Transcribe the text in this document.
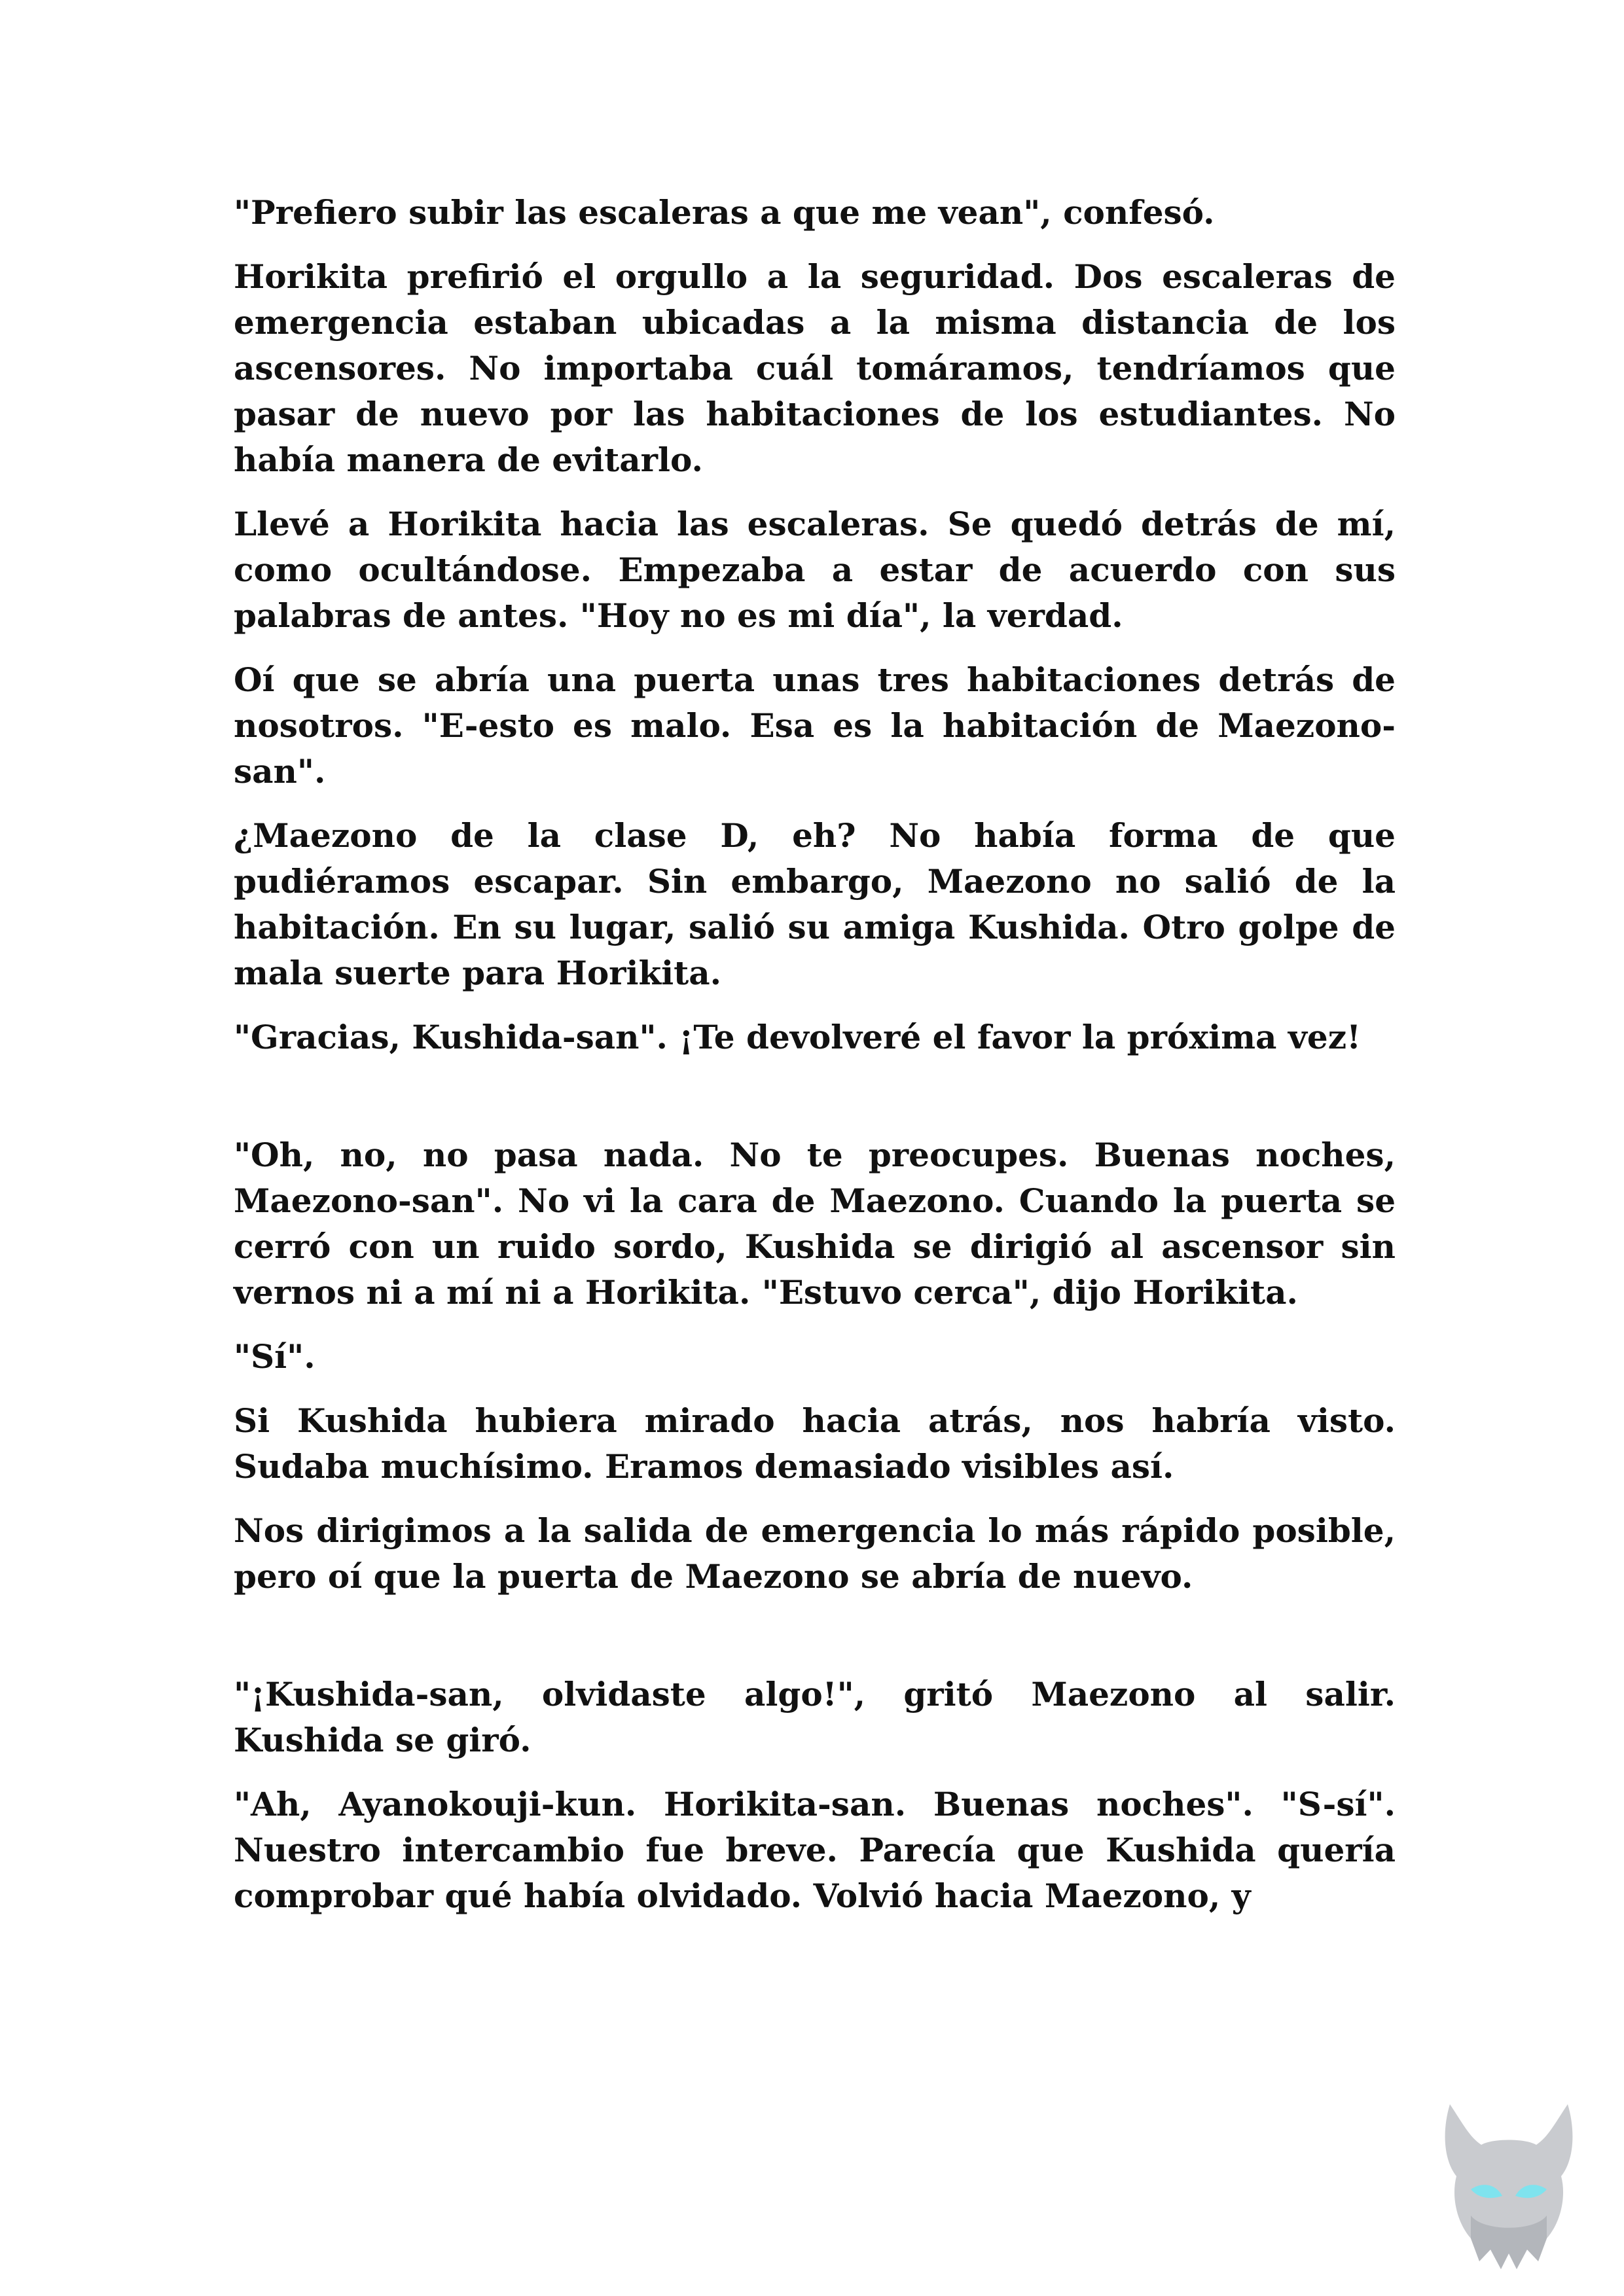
"Prefiero subir las escaleras a que me vean", confesó.

Horikita prefirió el orgullo a la seguridad. Dos escaleras de emergencia estaban ubicadas a la misma distancia de los ascensores. No importaba cuál tomáramos, tendríamos que pasar de nuevo por las habitaciones de los estudiantes. No había manera de evitarlo.

Llevé a Horikita hacia las escaleras. Se quedó detrás de mí, como ocultándose. Empezaba a estar de acuerdo con sus palabras de antes. "Hoy no es mi día", la verdad.

Oí que se abría una puerta unas tres habitaciones detrás de nosotros. "E-esto es malo. Esa es la habitación de Maezono-san".

¿Maezono de la clase D, eh? No había forma de que pudiéramos escapar. Sin embargo, Maezono no salió de la habitación. En su lugar, salió su amiga Kushida. Otro golpe de mala suerte para Horikita.

"Gracias, Kushida-san". ¡Te devolveré el favor la próxima vez!

"Oh, no, no pasa nada. No te preocupes. Buenas noches, Maezono-san". No vi la cara de Maezono. Cuando la puerta se cerró con un ruido sordo, Kushida se dirigió al ascensor sin vernos ni a mí ni a Horikita. "Estuvo cerca", dijo Horikita.

"Sí".

Si Kushida hubiera mirado hacia atrás, nos habría visto. Sudaba muchísimo. Eramos demasiado visibles así.

Nos dirigimos a la salida de emergencia lo más rápido posible, pero oí que la puerta de Maezono se abría de nuevo.

"¡Kushida-san, olvidaste algo!", gritó Maezono al salir. Kushida se giró.

"Ah, Ayanokouji-kun. Horikita-san. Buenas noches". "S-sí". Nuestro intercambio fue breve. Parecía que Kushida quería comprobar qué había olvidado. Volvió hacia Maezono, y
